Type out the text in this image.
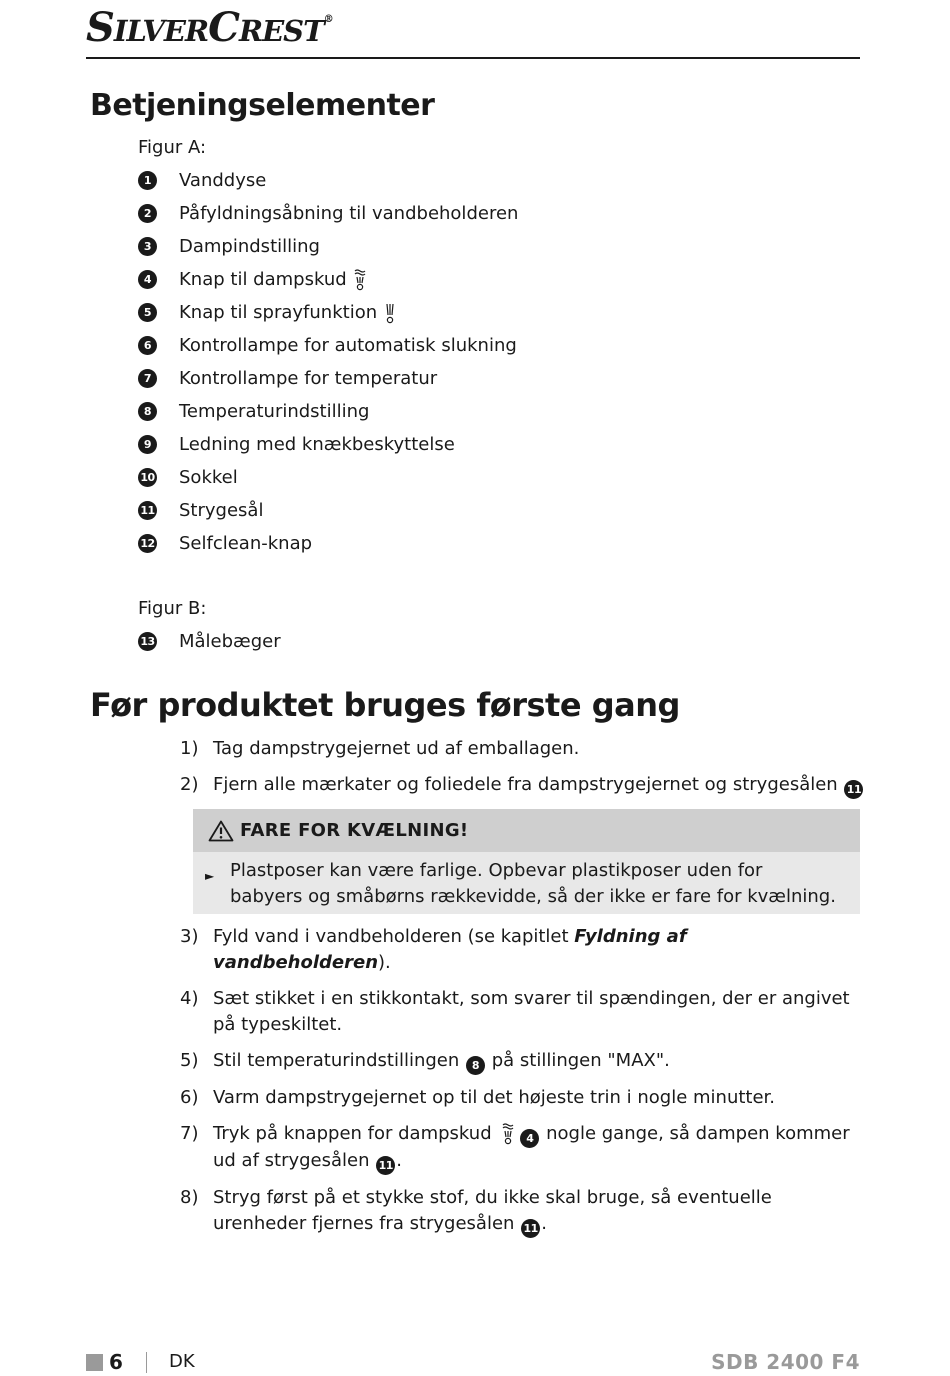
SILVERCREST®
Betjeningselementer
Figur A:
1	Vanddyse
2	Påfyldningsåbning til vandbeholderen
3	Dampindstilling
4	Knap til dampskud
5	Knap til sprayfunktion
6	Kontrollampe for automatisk slukning
7	Kontrollampe for temperatur
8	Temperaturindstilling
9	Ledning med knækbeskyttelse
10 Sokkel
11 Strygesål
12 Selfclean-knap
Figur B:
13 Målebæger
Før produktet bruges første gang
1) Tag dampstrygejernet ud af emballagen.
2) Fjern alle mærkater og foliedele fra dampstrygejernet og strygesålen 11
FARE FOR KVÆLNING!
► Plastposer kan være farlige. Opbevar plastikposer uden for babyers og småbørns rækkevidde, så der ikke er fare for kvælning.
3) Fyld vand i vandbeholderen (se kapitlet Fyldning af vandbeholderen).
4) Sæt stikket i en stikkontakt, som svarer til spændingen, der er angivet på typeskiltet.
5) Stil temperaturindstillingen 8 på stillingen "MAX".
6) Varm dampstrygejernet op til det højeste trin i nogle minutter.
7) Tryk på knappen for dampskud	4 nogle gange, så dampen kommer ud af strygesålen 11 .
8) Stryg først på et stykke stof, du ikke skal bruge, så eventuelle urenheder fjernes fra strygesålen 11 .
6	DK	SDB 2400 F4
